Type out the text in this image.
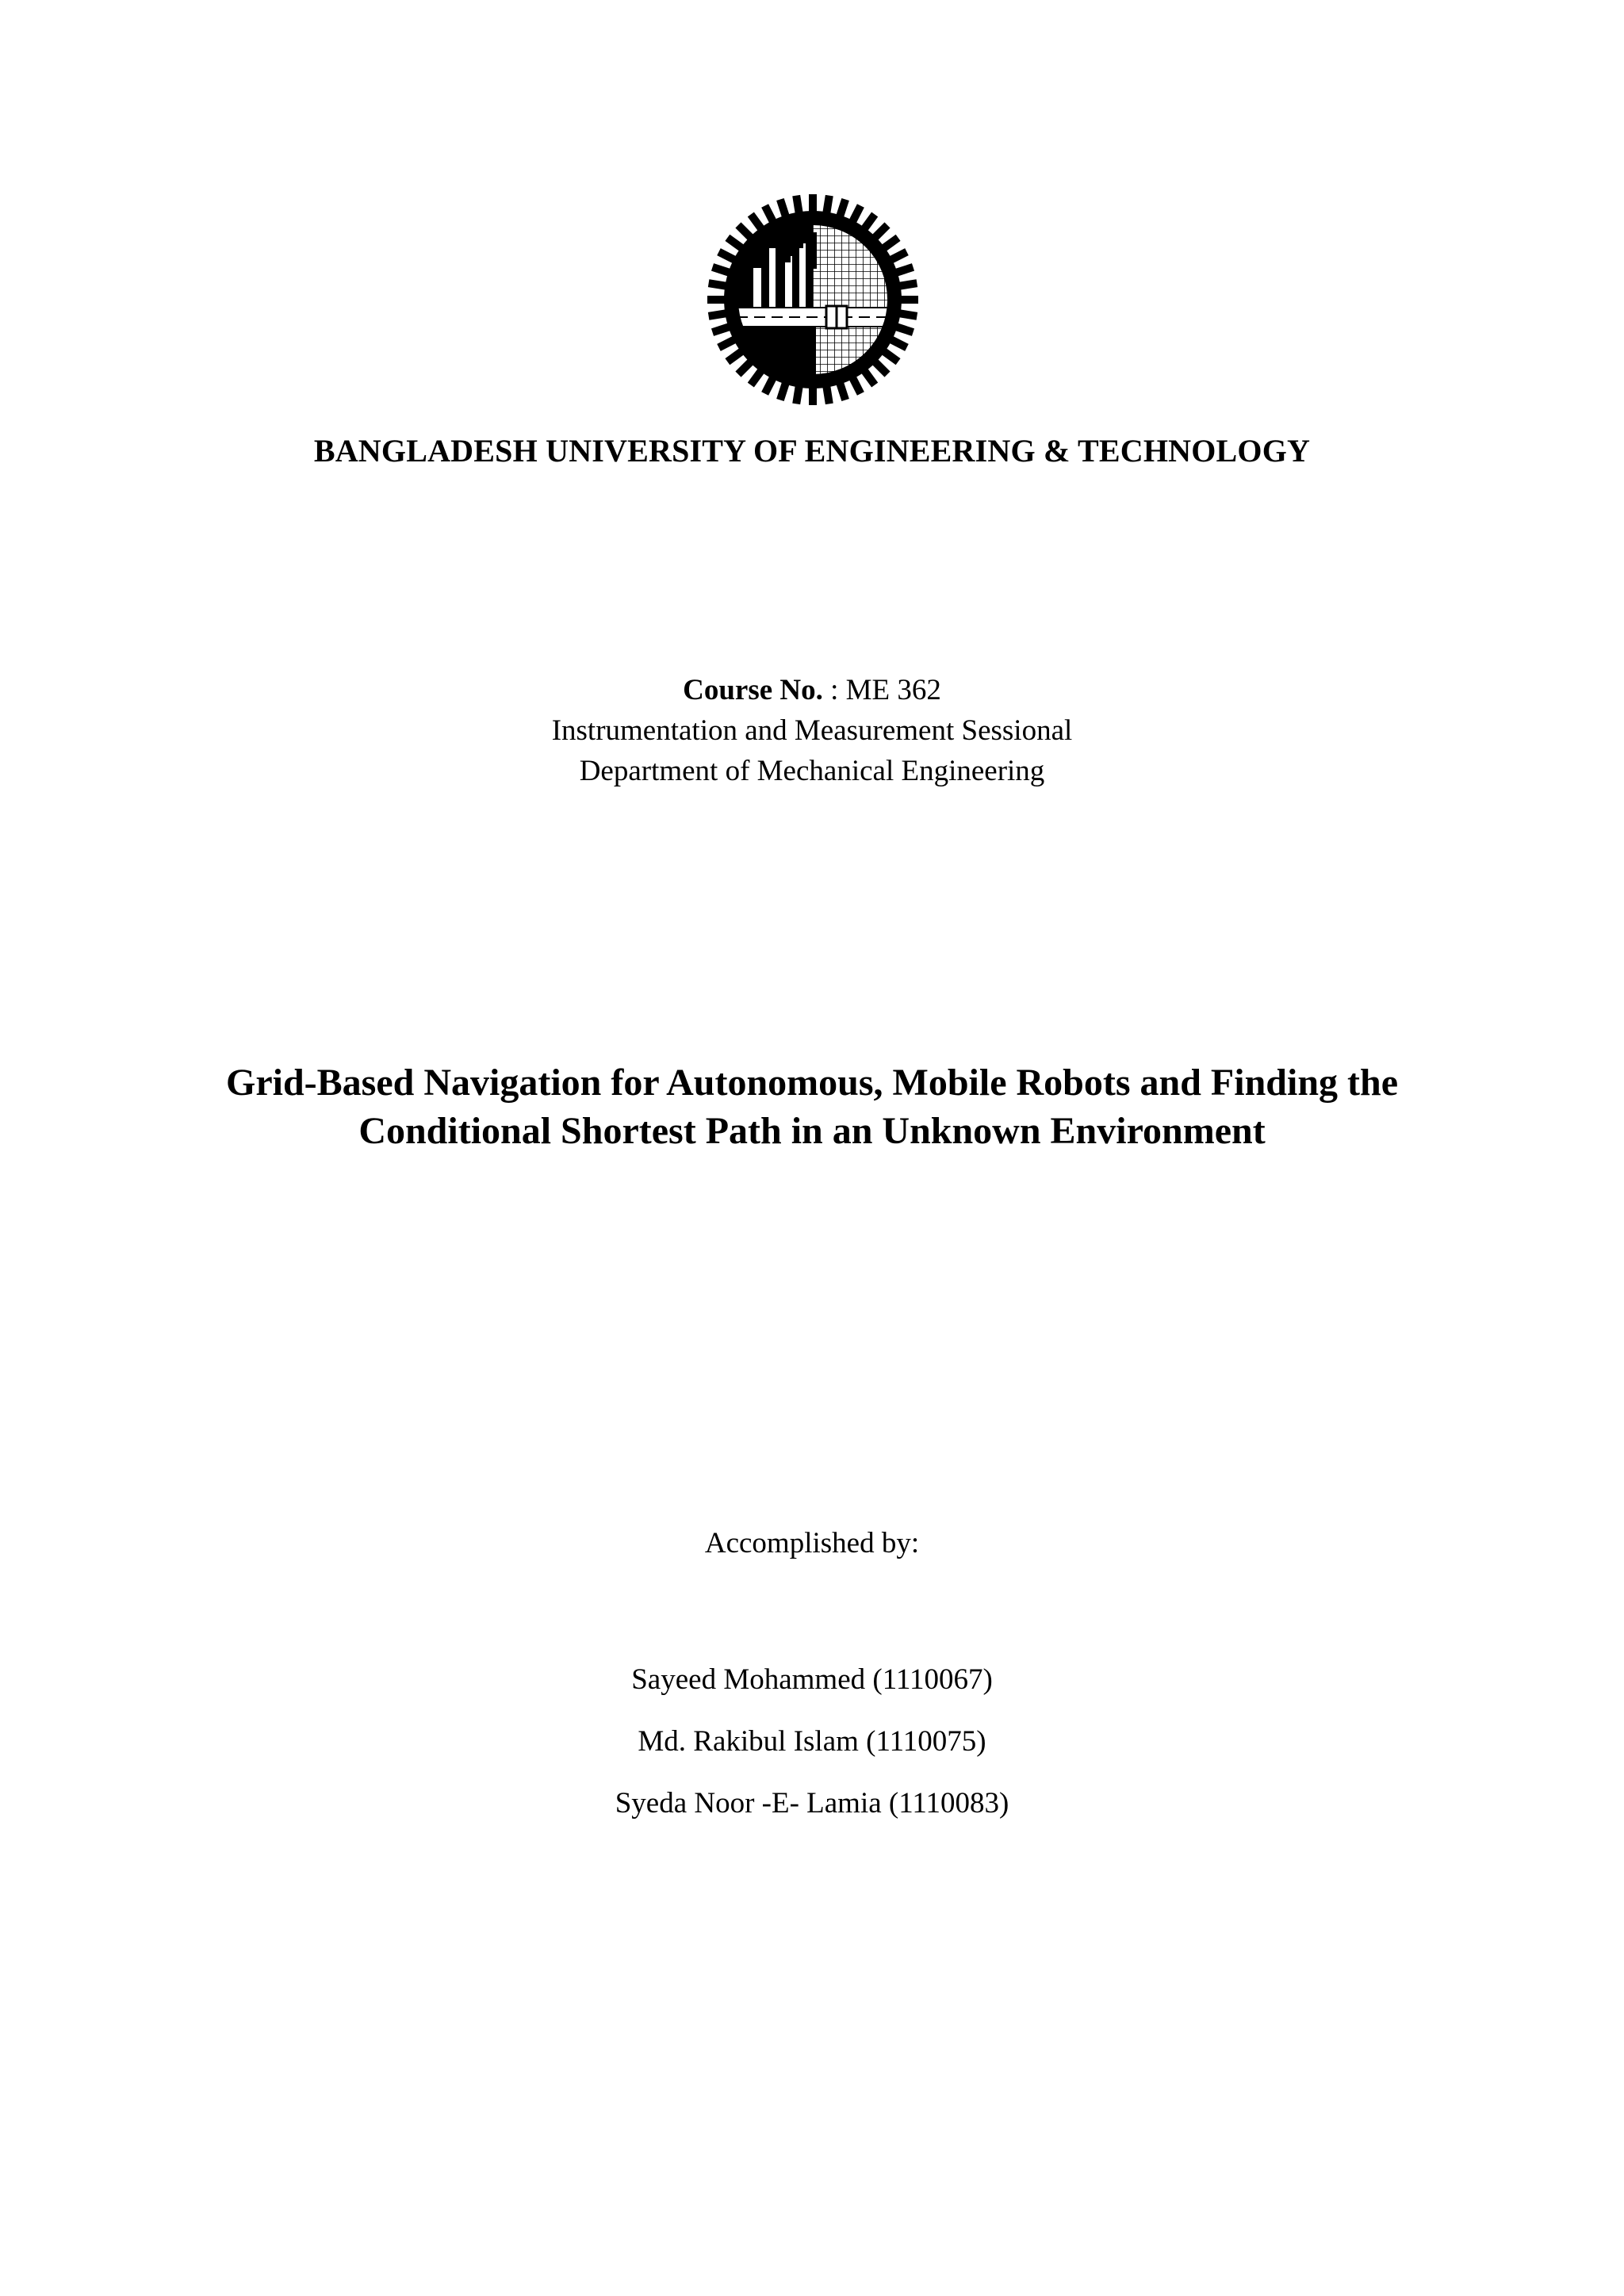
BANGLADESH UNIVERSITY OF ENGINEERING & TECHNOLOGY
Course No. : ME 362
Instrumentation and Measurement Sessional
Department of Mechanical Engineering
Grid-Based Navigation for Autonomous, Mobile Robots and Finding the
Conditional Shortest Path in an Unknown Environment
Accomplished by:
Sayeed Mohammed (1110067)
Md. Rakibul Islam (1110075)
Syeda Noor -E- Lamia (1110083)
